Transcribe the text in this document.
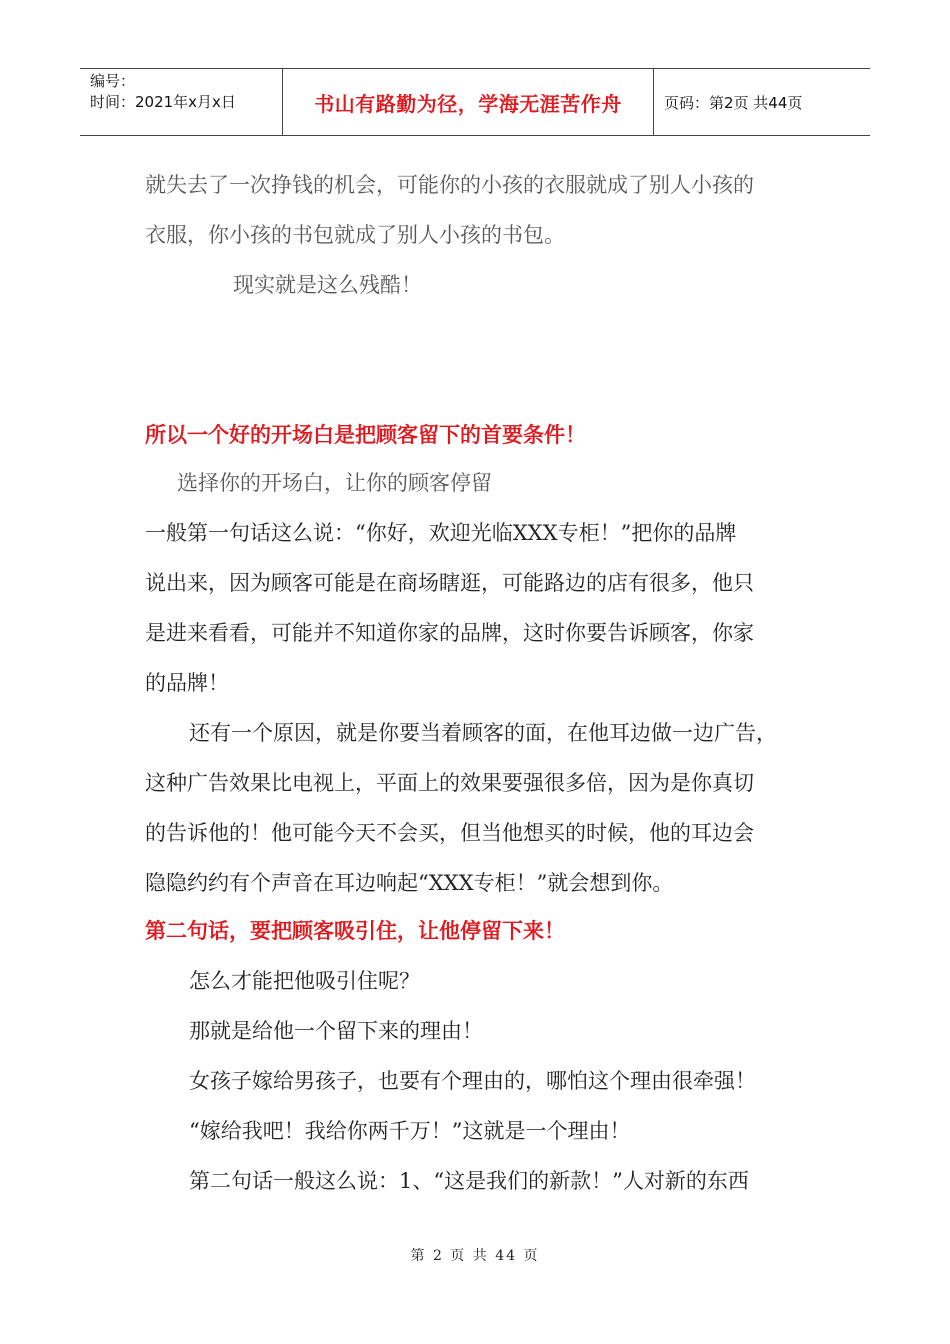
编号：
时间：2021年x月x日	书山有路勤为径，学海无涯苦作舟	页码：第2页 共44页
就失去了一次挣钱的机会，可能你的小孩的衣服就成了别人小孩的
衣服，你小孩的书包就成了别人小孩的书包。
现实就是这么残酷！
所以一个好的开场白是把顾客留下的首要条件！
选择你的开场白，让你的顾客停留
一般第一句话这么说：“你好，欢迎光临XXX专柜！”把你的品牌
说出来，因为顾客可能是在商场瞎逛，可能路边的店有很多，他只
是进来看看，可能并不知道你家的品牌，这时你要告诉顾客，你家
的品牌！
还有一个原因，就是你要当着顾客的面，在他耳边做一边广告，
这种广告效果比电视上，平面上的效果要强很多倍，因为是你真切
的告诉他的！他可能今天不会买，但当他想买的时候，他的耳边会
隐隐约约有个声音在耳边响起“XXX专柜！”就会想到你。
第二句话，要把顾客吸引住，让他停留下来！
怎么才能把他吸引住呢？
那就是给他一个留下来的理由！
女孩子嫁给男孩子，也要有个理由的，哪怕这个理由很牵强！
“嫁给我吧！我给你两千万！”这就是一个理由！
第二句话一般这么说：1、“这是我们的新款！”人对新的东西
第 2 页 共 44 页
